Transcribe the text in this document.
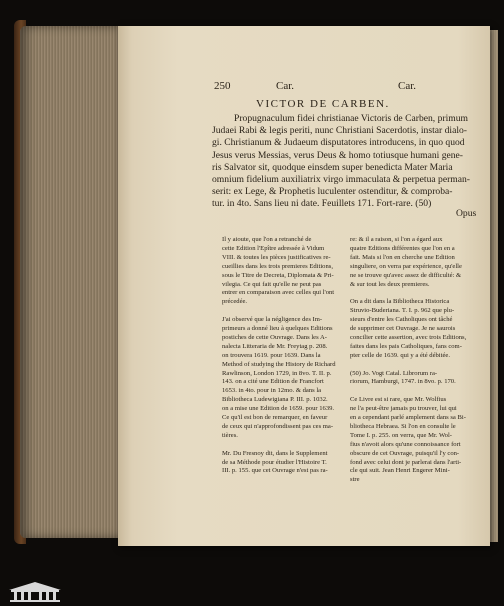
250	Car.	Car.
VICTOR DE CARBEN.
Propugnaculum fidei christianae Victoris de Carben, primum
Judaei Rabi & legis periti, nunc Christiani Sacerdotis, instar dialo-
gi. Christianum & Judaeum disputatores introducens, in quo quod
Jesus verus Messias, verus Deus & homo totiusque humani gene-
ris Salvator sit, quodque einsdem super benedicta Mater Maria
omnium fidelium auxiliatrix virgo immaculata & perpetua perman-
serit: ex Lege, & Prophetis luculenter ostenditur, & comproba-
tur. in 4to. Sans lieu ni date. Feuillets 171. Fort-rare. (50)
Opus
Il y aioute, que l'on a retranché de
cette Edition l'Epître adressée à Vidum
VIII. & toutes les pièces justificatives re-
cueillies dans les trois premieres Editions,
sous le Titre de Decreta, Diplomata & Pri-
vilegia. Ce qui fait qu'elle ne peut pas
entrer en comparaison avec celles qui l'ont
précedée.
J'ai observé que la négligence des Im-
primeurs a donné lieu à quelques Editions
postiches de cette Ouvrage. Dans les A-
nalecta Litteraria de Mr. Freytag p. 208.
on trouvera 1619. pour 1639. Dans la
Method of studying the History de Richard
Rawlinson, London 1729, in 8vo. T. II. p.
143. on a cité une Edition de Francfort
1653. in 4to. pour in 12mo. & dans la
Bibliotheca Ludewigiana P. III. p. 1032.
on a mise une Edition de 1659. pour 1639.
Ce qu'il est bon de remarquer, en faveur
de ceux qui n'approfondissent pas ces ma-
tières.
Mr. Du Fresnoy dit, dans le Supplement
de sa Méthode pour étudier l'Histoire T.
III. p. 155. que cet Ouvrage n'est pas ra-
re: & il a raison, si l'on a égard aux
quatre Editions différentes que l'on en a
fait. Mais si l'on en cherche une Edition
singuliere, on verra par expérience, qu'elle
ne se trouve qu'avec assez de difficulté: &
& sur tout les deux premieres.
On a dit dans la Bibliotheca Historica
Struvio-Buderiana. T. I. p. 962 que plu-
sieurs d'entre les Catholiques ont tâché
de supprimer cet Ouvrage. Je ne saurois
concilier cette assertion, avec trois Editions,
faites dans les pais Catholiques, fans com-
pter celle de 1639. qui y a été débitée.
(50) Jo. Vogt Catal. Librorum ra-
riorum, Hamburgi, 1747. in 8vo. p. 170.
Ce Livre est si rare, que Mr. Wolfius
ne l'a peut-être jamais pu trouver, lui qui
en a cependant parlé amplement dans sa Bi-
bliotheca Hebraea. Si l'on en consulte le
Tome I. p. 255. on verra, que Mr. Wol-
fius n'avoit alors qu'une connoissance fort
obscure de cet Ouvrage, puisqu'il l'y con-
fond avec celui dont je parlerai dans l'arti-
cle qui suit. Jean Henri Engerer Mini-
stre
